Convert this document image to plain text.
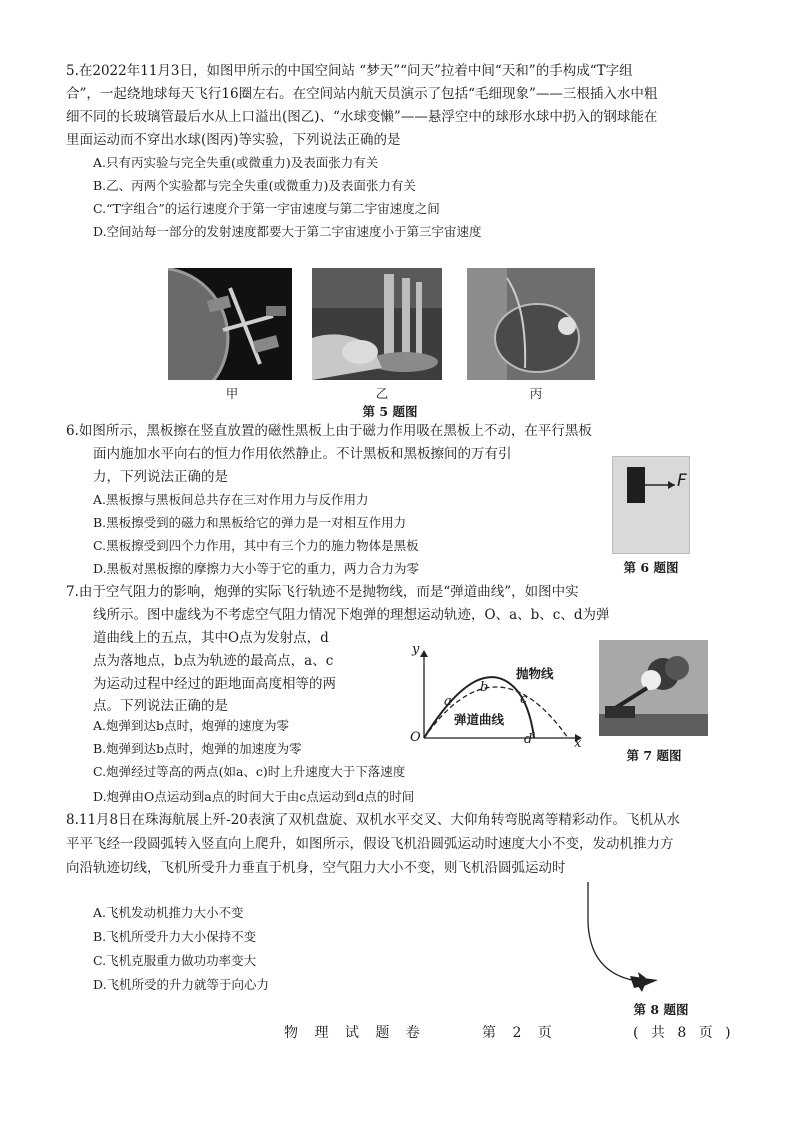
5.在2022年11月3日，如图甲所示的中国空间站 “梦天”“问天”拉着中间“天和”的手构成“T字组
合”，一起绕地球每天飞行16圈左右。在空间站内航天员演示了包括“毛细现象”——三根插入水中粗
细不同的长玻璃管最后水从上口溢出(图乙)、“水球变懒”——悬浮空中的球形水球中扔入的钢球能在
里面运动而不穿出水球(图丙)等实验，下列说法正确的是
A.只有丙实验与完全失重(或微重力)及表面张力有关
B.乙、丙两个实验都与完全失重(或微重力)及表面张力有关
C.“T字组合”的运行速度介于第一宇宙速度与第二宇宙速度之间
D.空间站每一部分的发射速度都要大于第二宇宙速度小于第三宇宙速度
甲	乙	丙
第 5 题图
6.如图所示，黑板擦在竖直放置的磁性黑板上由于磁力作用吸在黑板上不动，在平行黑板
面内施加水平向右的恒力作用依然静止。不计黑板和黑板擦间的万有引
力，下列说法正确的是
A.黑板擦与黑板间总共存在三对作用力与反作用力
B.黑板擦受到的磁力和黑板给它的弹力是一对相互作用力
C.黑板擦受到四个力作用，其中有三个力的施力物体是黑板
D.黑板对黑板擦的摩擦力大小等于它的重力，两力合力为零
F
第 6 题图
7.由于空气阻力的影响，炮弹的实际飞行轨迹不是抛物线，而是“弹道曲线”，如图中实
线所示。图中虚线为不考虑空气阻力情况下炮弹的理想运动轨迹，O、a、b、c、d为弹
道曲线上的五点，其中O点为发射点，d
点为落地点，b点为轨迹的最高点，a、c
为运动过程中经过的距地面高度相等的两
点。下列说法正确的是
A.炮弹到达b点时，炮弹的速度为零
B.炮弹到达b点时，炮弹的加速度为零
C.炮弹经过等高的两点(如a、c)时上升速度大于下落速度
D.炮弹由O点运动到a点的时间大于由c点运动到d点的时间
y
x
O
抛物线
弹道曲线
a
b
c
d
第 7 题图
8.11月8日在珠海航展上歼-20表演了双机盘旋、双机水平交叉、大仰角转弯脱离等精彩动作。飞机从水
平平飞经一段圆弧转入竖直向上爬升，如图所示，假设飞机沿圆弧运动时速度大小不变，发动机推力方
向沿轨迹切线，飞机所受升力垂直于机身，空气阻力大小不变，则飞机沿圆弧运动时
A.飞机发动机推力大小不变
B.飞机所受升力大小保持不变
C.飞机克服重力做功功率变大
D.飞机所受的升力就等于向心力
第 8 题图
物 理 试 题 卷	第 2 页	( 共 8 页 )
